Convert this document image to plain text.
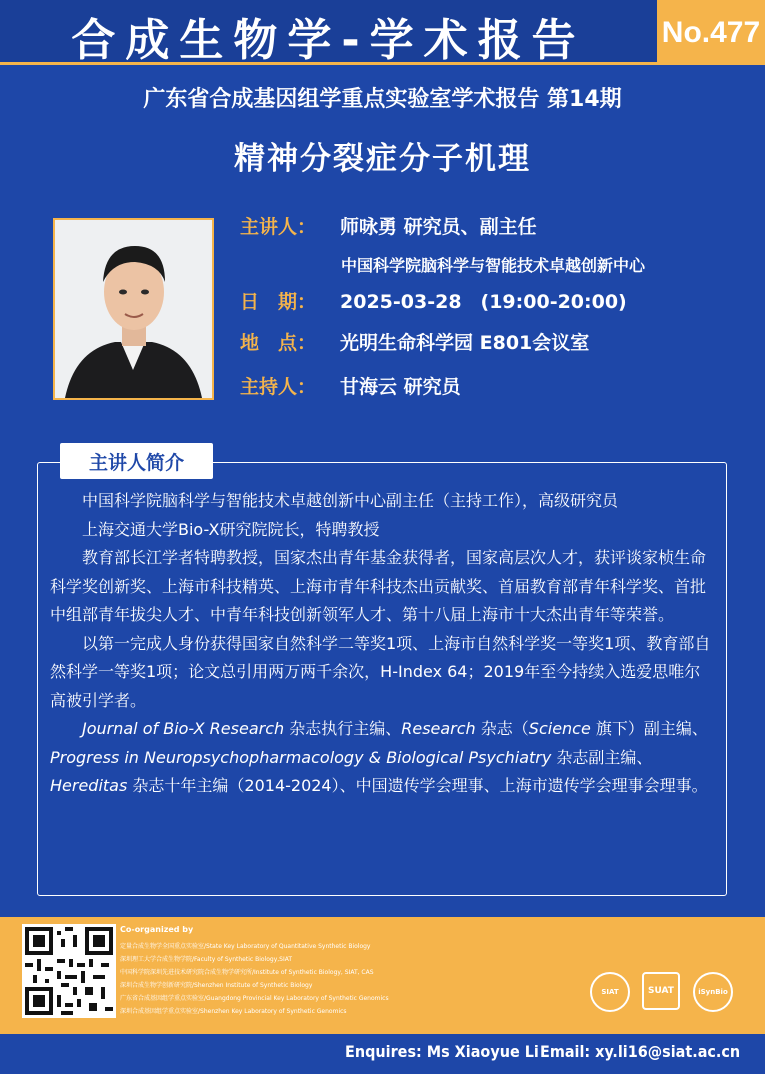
合成生物学-学术报告	No.477
广东省合成基因组学重点实验室学术报告 第14期
精神分裂症分子机理
主讲人： 师咏勇 研究员、副主任
中国科学院脑科学与智能技术卓越创新中心
日　期： 2025-03-28　(19:00-20:00)
地　点： 光明生命科学园 E801会议室
主持人： 甘海云 研究员
主讲人简介

中国科学院脑科学与智能技术卓越创新中心副主任（主持工作），高级研究员

上海交通大学Bio-X研究院院长，特聘教授

教育部长江学者特聘教授，国家杰出青年基金获得者，国家高层次人才，获评谈家桢生命科学奖创新奖、上海市科技精英、上海市青年科技杰出贡献奖、首届教育部青年科学奖、首批中组部青年拔尖人才、中青年科技创新领军人才、第十八届上海市十大杰出青年等荣誉。

以第一完成人身份获得国家自然科学二等奖1项、上海市自然科学奖一等奖1项、教育部自然科学一等奖1项；论文总引用两万两千余次，H-Index 64；2019年至今持续入选爱思唯尔高被引学者。

Journal of Bio-X Research 杂志执行主编、Research 杂志（Science 旗下）副主编、Progress in Neuropsychopharmacology & Biological Psychiatry 杂志副主编、Hereditas 杂志十年主编（2014-2024）、中国遗传学会理事、上海市遗传学会理事会理事。

Co-organized by
定量合成生物学全国重点实验室/State Key Laboratory of Quantitative Synthetic Biology
深圳理工大学合成生物学院/Faculty of Synthetic Biology,SIAT
中国科学院深圳先进技术研究院合成生物学研究所/Institute of Synthetic Biology, SIAT, CAS
深圳合成生物学创新研究院/Shenzhen Institute of Synthetic Biology
广东省合成基因组学重点实验室/Guangdong Provincial Key Laboratory of Synthetic Genomics
深圳合成基因组学重点实验室/Shenzhen Key Laboratory of Synthetic Genomics
SIAT	SUAT	iSynBio
Enquires: Ms Xiaoyue Li Email: xy.li16@siat.ac.cn
